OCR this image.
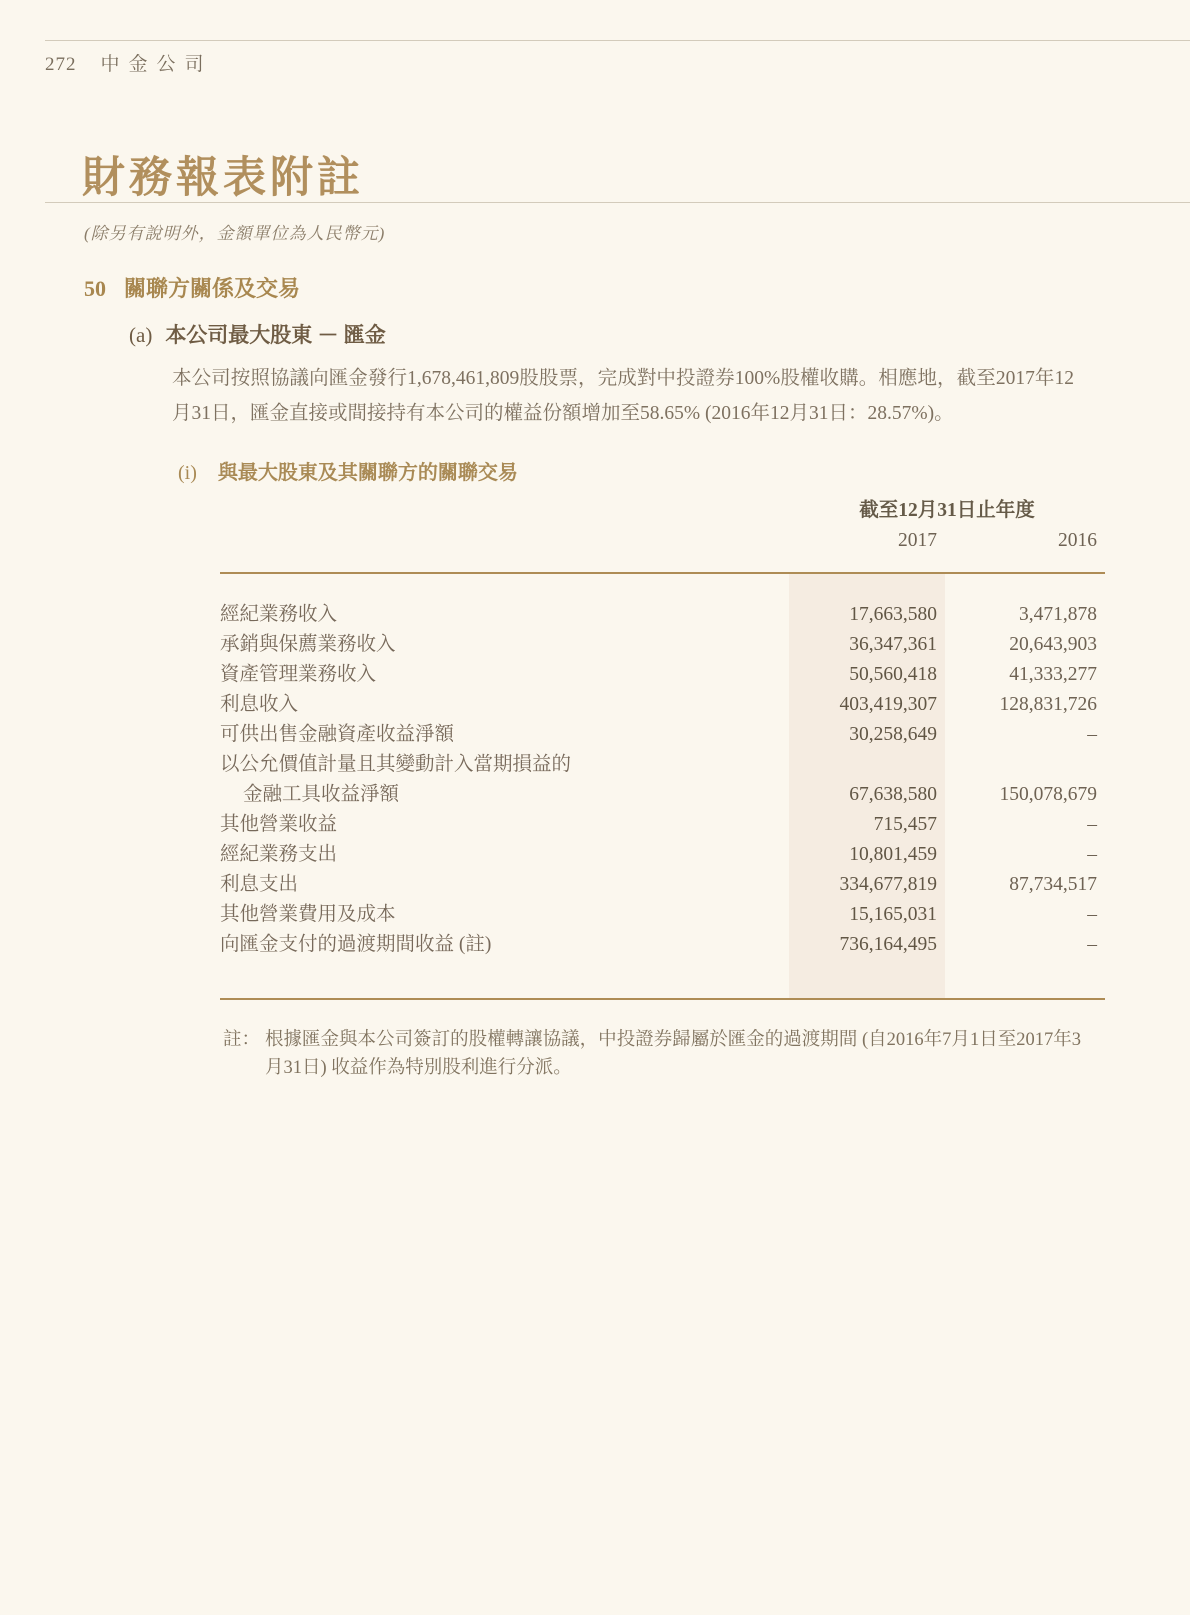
272 中金公司
財務報表附註
(除另有說明外，金額單位為人民幣元)
50 關聯方關係及交易
(a) 本公司最大股東 － 匯金
本公司按照協議向匯金發行1,678,461,809股股票，完成對中投證券100%股權收購。相應地，截至2017年12月31日，匯金直接或間接持有本公司的權益份額增加至58.65% (2016年12月31日：28.57%)。
(i) 與最大股東及其關聯方的關聯交易
截至12月31日止年度
2017	2016
經紀業務收入	17,663,580	3,471,878
承銷與保薦業務收入	36,347,361	20,643,903
資產管理業務收入	50,560,418	41,333,277
利息收入	403,419,307	128,831,726
可供出售金融資產收益淨額	30,258,649	–
以公允價值計量且其變動計入當期損益的
金融工具收益淨額	67,638,580	150,078,679
其他營業收益	715,457	–
經紀業務支出	10,801,459	–
利息支出	334,677,819	87,734,517
其他營業費用及成本	15,165,031	–
向匯金支付的過渡期間收益 (註)	736,164,495	–
註： 根據匯金與本公司簽訂的股權轉讓協議，中投證券歸屬於匯金的過渡期間 (自2016年7月1日至2017年3月31日) 收益作為特別股利進行分派。
